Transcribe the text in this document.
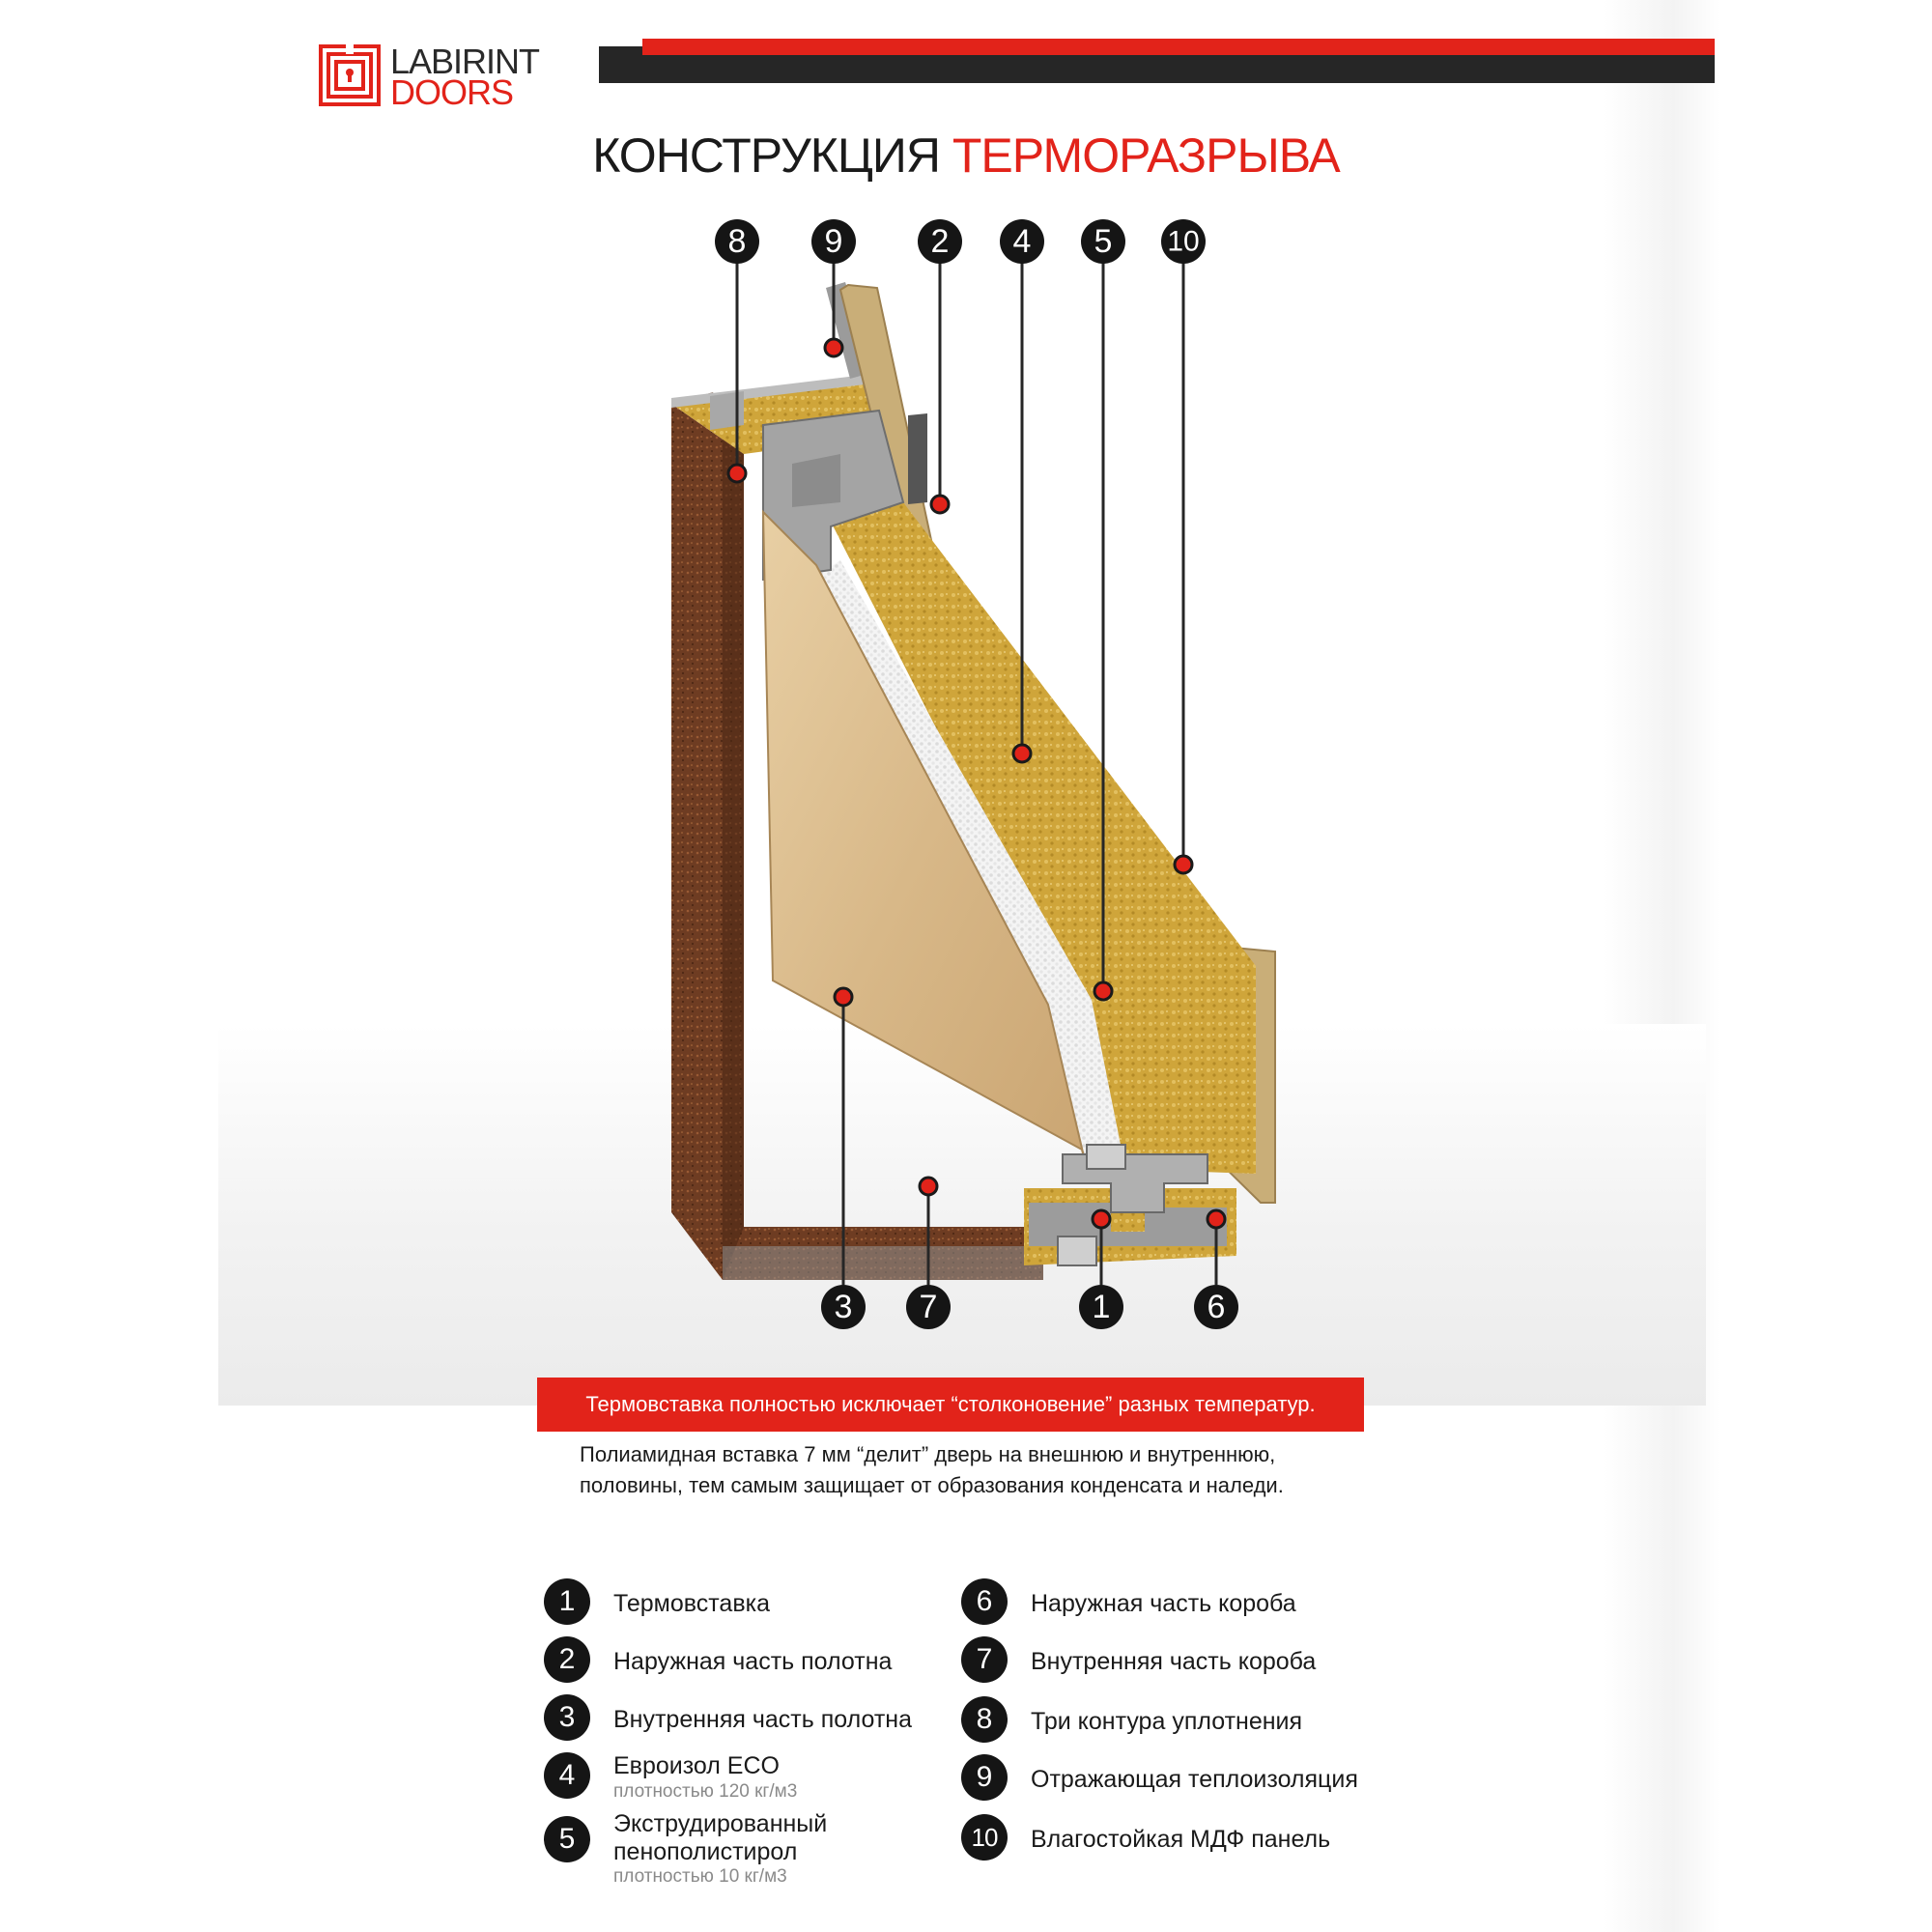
LABIRINT
DOORS
КОНСТРУКЦИЯ ТЕРМОРАЗРЫВА
8 9	2 4 5 10
3 7	1	6
Термовставка полностью исключает “столконовение” разных температур.
Полиамидная вставка 7 мм “делит” дверь на внешнюю и внутреннюю, половины, тем самым защищает от образования конденсата и наледи.
1	Термовставка
2	Наружная часть полотна
3	Внутренняя часть полотна
4	Евроизол ECO
плотностью 120 кг/м3
5	Экструдированный
пенополистирол
плотностью 10 кг/м3
6	Наружная часть короба
7	Внутренняя часть короба
8	Три контура уплотнения
9	Отражающая теплоизоляция
10	Влагостойкая МДФ панель
